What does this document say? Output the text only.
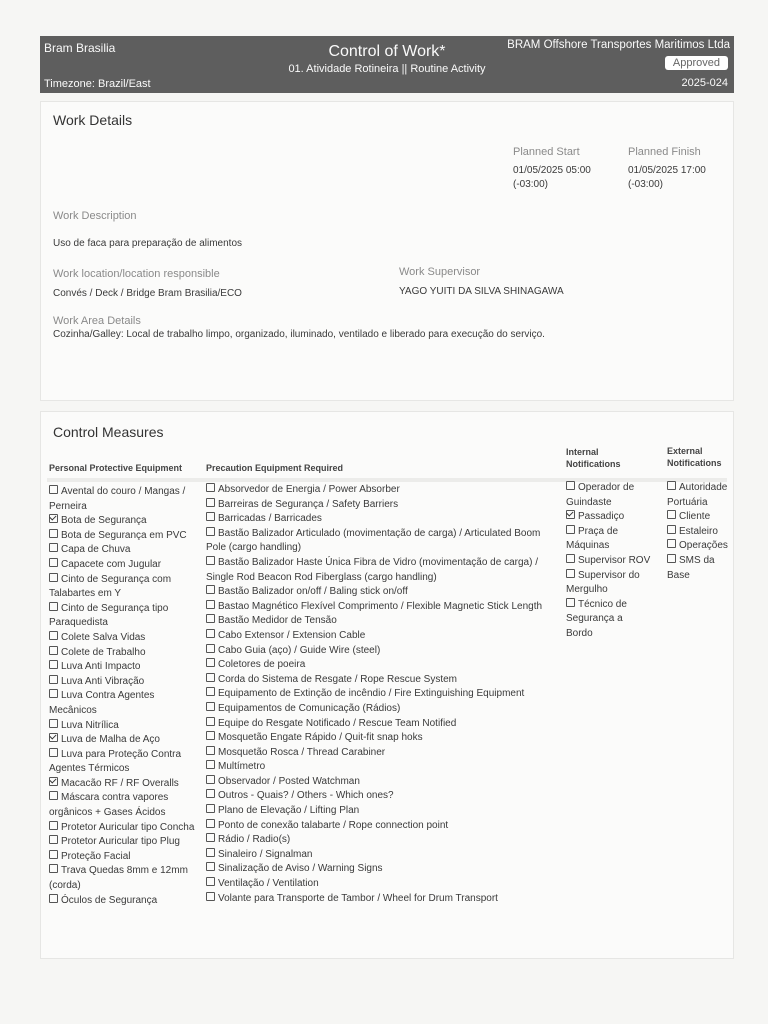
Bram Brasilia
Timezone: Brazil/East
Control of Work*
01. Atividade Rotineira || Routine Activity
BRAM Offshore Transportes Maritimos Ltda
Approved
2025-024
Work Details
Planned Start
01/05/2025 05:00
(-03:00)
Planned Finish
01/05/2025 17:00
(-03:00)
Work Description
Uso de faca para preparação de alimentos
Work location/location responsible
Convés / Deck / Bridge Bram Brasilia/ECO
Work Supervisor
YAGO YUITI DA SILVA SHINAGAWA
Work Area Details
Cozinha/Galley: Local de trabalho limpo, organizado, iluminado, ventilado e liberado para execução do serviço.
Control Measures
Personal Protective Equipment	Precaution Equipment Required
Internal Notifications
External Notifications
Avental do couro / Mangas / Perneira
Bota de Segurança
Bota de Segurança em PVC
Capa de Chuva
Capacete com Jugular
Cinto de Segurança com Talabartes em Y
Cinto de Segurança tipo Paraquedista
Colete Salva Vidas
Colete de Trabalho
Luva Anti Impacto
Luva Anti Vibração
Luva Contra Agentes Mecânicos
Luva Nitrílica
Luva de Malha de Aço
Luva para Proteção Contra Agentes Térmicos
Macacão RF / RF Overalls
Máscara contra vapores orgânicos + Gases Ácidos
Protetor Auricular tipo Concha
Protetor Auricular tipo Plug
Proteção Facial
Trava Quedas 8mm e 12mm (corda)
Óculos de Segurança
Absorvedor de Energia / Power Absorber
Barreiras de Segurança / Safety Barriers
Barricadas / Barricades
Bastão Balizador Articulado (movimentação de carga) / Articulated Boom Pole (cargo handling)
Bastão Balizador Haste Única Fibra de Vidro (movimentação de carga) / Single Rod Beacon Rod Fiberglass (cargo handling)
Bastão Balizador on/off / Baling stick on/off
Bastao Magnético Flexível Comprimento / Flexible Magnetic Stick Length
Bastão Medidor de Tensão
Cabo Extensor / Extension Cable
Cabo Guia (aço) / Guide Wire (steel)
Coletores de poeira
Corda do Sistema de Resgate / Rope Rescue System
Equipamento de Extinção de incêndio / Fire Extinguishing Equipment
Equipamentos de Comunicação (Rádios)
Equipe do Resgate Notificado / Rescue Team Notified
Mosquetão Engate Rápido / Quit-fit snap hoks
Mosquetão Rosca / Thread Carabiner
Multímetro
Observador / Posted Watchman
Outros - Quais? / Others - Which ones?
Plano de Elevação / Lifting Plan
Ponto de conexão talabarte / Rope connection point
Rádio / Radio(s)
Sinaleiro / Signalman
Sinalização de Aviso / Warning Signs
Ventilação / Ventilation
Volante para Transporte de Tambor / Wheel for Drum Transport
Operador de Guindaste
Passadiço
Praça de Máquinas
Supervisor ROV
Supervisor do Mergulho
Técnico de Segurança a Bordo
Autoridade Portuária
Cliente
Estaleiro
Operações
SMS da Base
